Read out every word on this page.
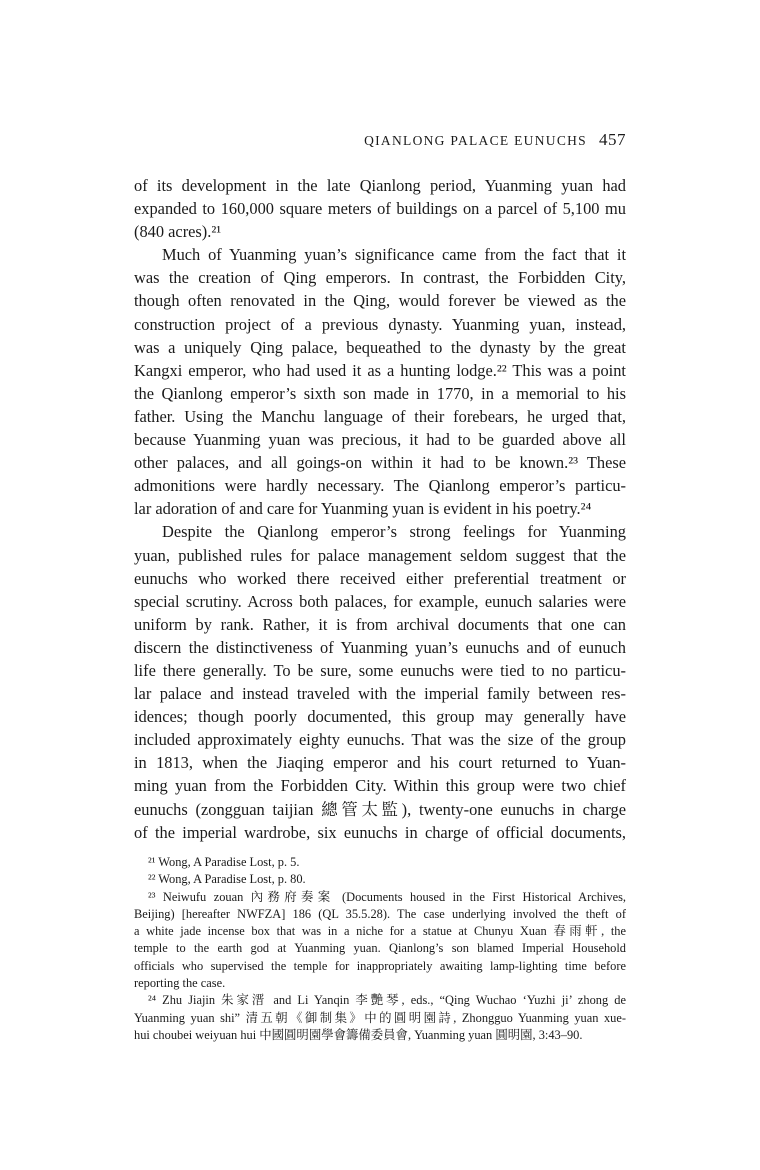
QIANLONG PALACE EUNUCHS 457
of its development in the late Qianlong period, Yuanming yuan had
expanded to 160,000 square meters of buildings on a parcel of 5,100 mu
(840 acres).²¹
Much of Yuanming yuan’s significance came from the fact that it
was the creation of Qing emperors. In contrast, the Forbidden City,
though often renovated in the Qing, would forever be viewed as the
construction project of a previous dynasty. Yuanming yuan, instead,
was a uniquely Qing palace, bequeathed to the dynasty by the great
Kangxi emperor, who had used it as a hunting lodge.²² This was a point
the Qianlong emperor’s sixth son made in 1770, in a memorial to his
father. Using the Manchu language of their forebears, he urged that,
because Yuanming yuan was precious, it had to be guarded above all
other palaces, and all goings-on within it had to be known.²³ These
admonitions were hardly necessary. The Qianlong emperor’s particu-
lar adoration of and care for Yuanming yuan is evident in his poetry.²⁴
Despite the Qianlong emperor’s strong feelings for Yuanming
yuan, published rules for palace management seldom suggest that the
eunuchs who worked there received either preferential treatment or
special scrutiny. Across both palaces, for example, eunuch salaries were
uniform by rank. Rather, it is from archival documents that one can
discern the distinctiveness of Yuanming yuan’s eunuchs and of eunuch
life there generally. To be sure, some eunuchs were tied to no particu-
lar palace and instead traveled with the imperial family between res-
idences; though poorly documented, this group may generally have
included approximately eighty eunuchs. That was the size of the group
in 1813, when the Jiaqing emperor and his court returned to Yuan-
ming yuan from the Forbidden City. Within this group were two chief
eunuchs (zongguan taijian 總管太監), twenty-one eunuchs in charge
of the imperial wardrobe, six eunuchs in charge of official documents,
²¹ Wong, A Paradise Lost, p. 5.
²² Wong, A Paradise Lost, p. 80.
²³ Neiwufu zouan 內務府奏案 (Documents housed in the First Historical Archives,
Beijing) [hereafter NWFZA] 186 (QL 35.5.28). The case underlying involved the theft of
a white jade incense box that was in a niche for a statue at Chunyu Xuan 春雨軒, the
temple to the earth god at Yuanming yuan. Qianlong’s son blamed Imperial Household
officials who supervised the temple for inappropriately awaiting lamp-lighting time before
reporting the case.
²⁴ Zhu Jiajin 朱家溍 and Li Yanqin 李艷琴, eds., “Qing Wuchao ‘Yuzhi ji’ zhong de
Yuanming yuan shi” 清五朝《御制集》中的圓明園詩, Zhongguo Yuanming yuan xue-
hui choubei weiyuan hui 中國圓明園學會籌備委員會, Yuanming yuan 圓明園, 3:43–90.
